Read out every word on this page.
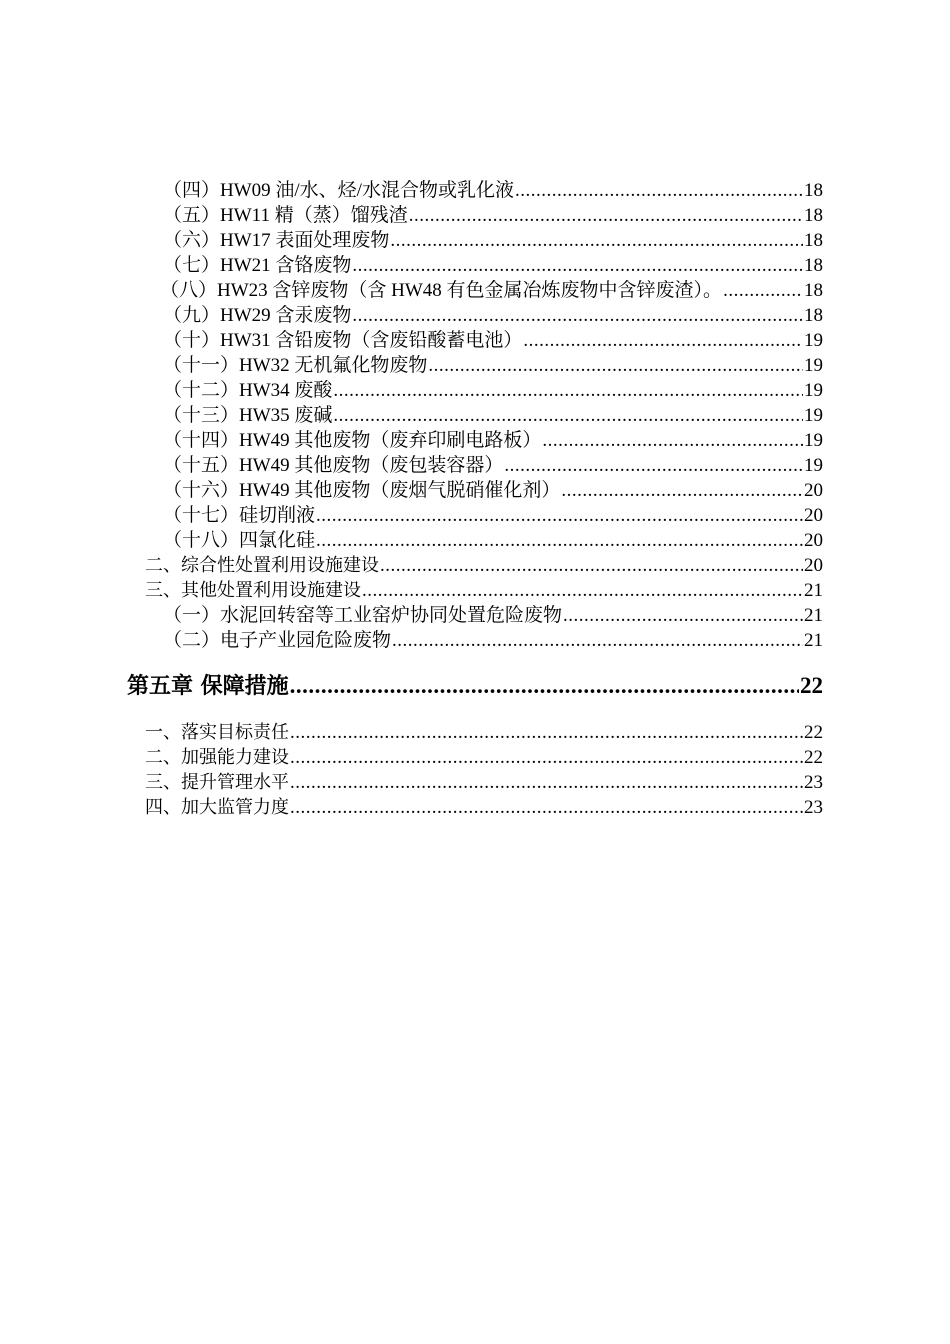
（四）HW09 油/水、烃/水混合物或乳化液 .....	18
（五）HW11 精（蒸）馏残渣 .....	18
（六）HW17 表面处理废物 .....	18
（七）HW21 含铬废物 .....	18
（八）HW23 含锌废物（含 HW48 有色金属冶炼废物中含锌废渣）。 .....	18
（九）HW29 含汞废物 .....	18
（十）HW31 含铅废物（含废铅酸蓄电池） .....	19
（十一）HW32 无机氟化物废物 .....	19
（十二）HW34 废酸 .....	19
（十三）HW35 废碱 .....	19
（十四）HW49 其他废物（废弃印刷电路板） .....	19
（十五）HW49 其他废物（废包装容器） .....	19
（十六）HW49 其他废物（废烟气脱硝催化剂） .....	20
（十七）硅切削液 .....	20
（十八）四氯化硅 .....	20
二、综合性处置利用设施建设 .....	20
三、其他处置利用设施建设 .....	21
（一）水泥回转窑等工业窑炉协同处置危险废物 .....	21
（二）电子产业园危险废物 .....	21
第五章 保障措施 .....	22
一、落实目标责任 .....	22
二、加强能力建设 .....	22
三、提升管理水平 .....	23
四、加大监管力度 .....	23
